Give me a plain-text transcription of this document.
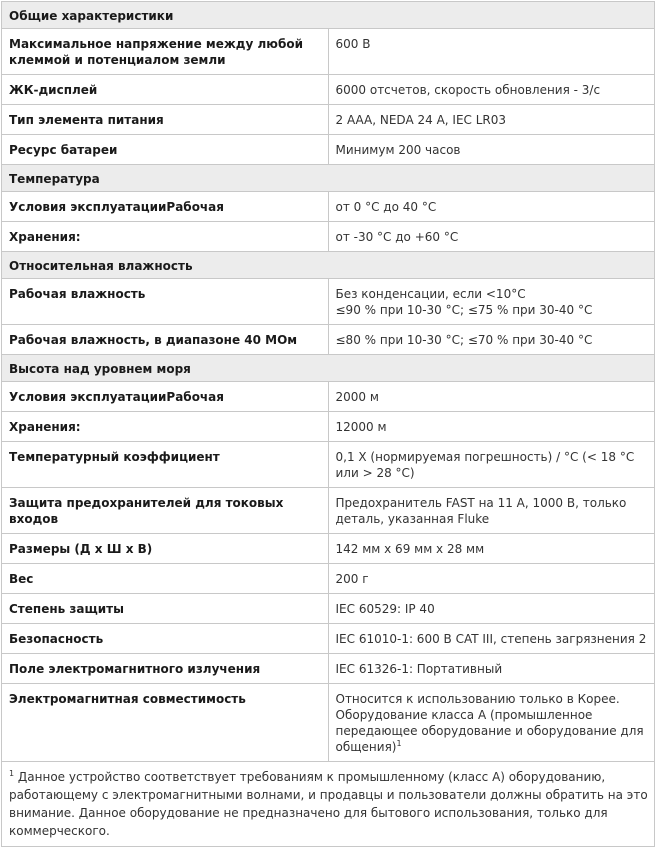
Общие характеристики	
Максимальное напряжение между любой клеммой и потенциалом земли	600 В
ЖК-дисплей	6000 отсчетов, скорость обновления - 3/с
Тип элемента питания	2 AAA, NEDA 24 A, IEC LR03
Ресурс батареи	Минимум 200 часов
Температура	
Условия эксплуатацииРабочая	от 0 °C до 40 °C
Хранения:	от -30 °C до +60 °C
Относительная влажность	
Рабочая влажность	Без конденсации, если <10°C
≤90 % при 10-30 °C; ≤75 % при 30-40 °C
Рабочая влажность, в диапазоне 40 МОм	≤80 % при 10-30 °C; ≤70 % при 30-40 °C
Высота над уровнем моря	
Условия эксплуатацииРабочая	2000 м
Хранения:	12000 м
Температурный коэффициент	0,1 X (нормируемая погрешность) / °C (< 18 °C или > 28 °C)
Защита предохранителей для токовых входов	Предохранитель FAST на 11 A, 1000 В, только деталь, указанная Fluke
Размеры (Д x Ш x В)	142 мм x 69 мм x 28 мм
Вес	200 г
Степень защиты	IEC 60529: IP 40
Безопасность	IEC 61010-1: 600 B CAT III, степень загрязнения 2
Поле электромагнитного излучения	IEC 61326-1: Портативный
Электромагнитная совместимость	Относится к использованию только в Корее. Оборудование класса A (промышленное передающее оборудование и оборудование для общения)$^1$
$^1$ Данное устройство соответствует требованиям к промышленному (класс A) оборудованию, работающему с электромагнитными волнами, и продавцы и пользователи должны обратить на это внимание. Данное оборудование не предназначено для бытового использования, только для коммерческого.	
